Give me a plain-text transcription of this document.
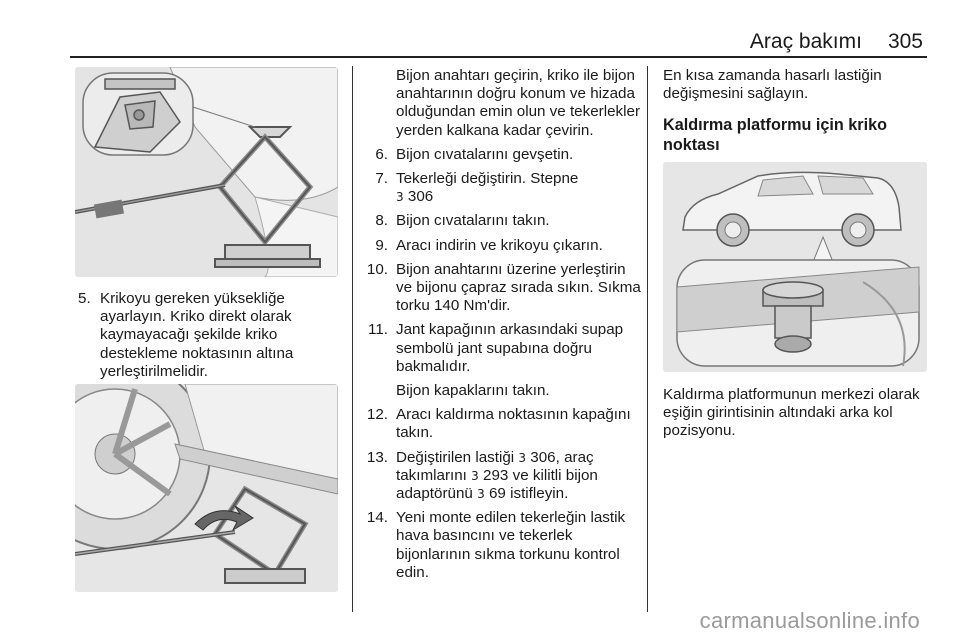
Araç bakımı 305
5. Krikoyu gereken yüksekliğe ayarlayın. Kriko direkt olarak kaymayacağı şekilde kriko destekleme noktasının altına yerleştirilmelidir.

Bijon anahtarı geçirin, kriko ile bijon anahtarının doğru konum ve hizada olduğundan emin olun ve tekerlekler yerden kalkana kadar çevirin.

6. Bijon cıvatalarını gevşetin.
7. Tekerleği değiştirin. Stepne
3 306
8. Bijon cıvatalarını takın.
9. Aracı indirin ve krikoyu çıkarın.
10. Bijon anahtarını üzerine yerleştirin ve bijonu çapraz sırada sıkın. Sıkma torku 140 Nm'dir.
11. Jant kapağının arkasındaki supap sembolü jant supabına doğru bakmalıdır.
Bijon kapaklarını takın.
12. Aracı kaldırma noktasının kapağını takın.
13. Değiştirilen lastiği 3 306, araç takımlarını 3 293 ve kilitli bijon adaptörünü 3 69 istifleyin.
14. Yeni monte edilen tekerleğin lastik hava basıncını ve tekerlek bijonlarının sıkma torkunu kontrol edin.

En kısa zamanda hasarlı lastiğin değişmesini sağlayın.

Kaldırma platformu için kriko noktası

Kaldırma platformunun merkezi olarak eşiğin girintisinin altındaki arka kol pozisyonu.

carmanualsonline.info
